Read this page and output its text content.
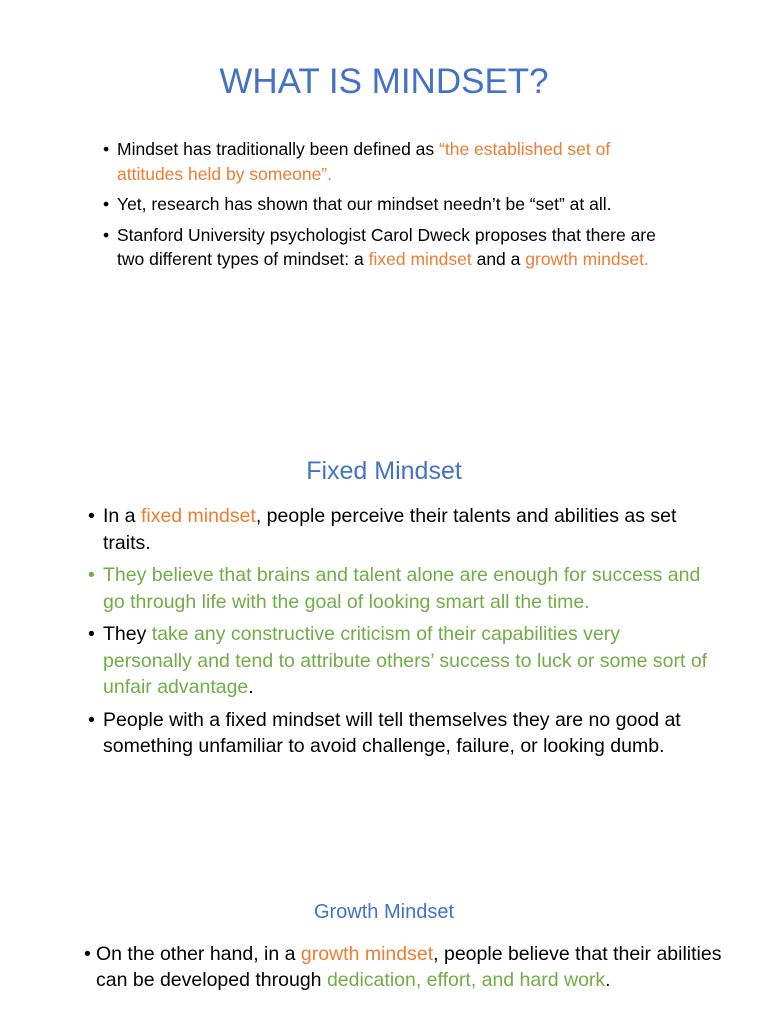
WHAT IS MINDSET?
• Mindset has traditionally been defined as “the established set of attitudes held by someone”.
• Yet, research has shown that our mindset needn’t be “set” at all.
• Stanford University psychologist Carol Dweck proposes that there are two different types of mindset: a fixed mindset and a growth mindset.
Fixed Mindset
• In a fixed mindset, people perceive their talents and abilities as set traits.
• They believe that brains and talent alone are enough for success and go through life with the goal of looking smart all the time.
• They take any constructive criticism of their capabilities very personally and tend to attribute others’ success to luck or some sort of unfair advantage.
• People with a fixed mindset will tell themselves they are no good at something unfamiliar to avoid challenge, failure, or looking dumb.
Growth Mindset
• On the other hand, in a growth mindset, people believe that their abilities can be developed through dedication, effort, and hard work.
